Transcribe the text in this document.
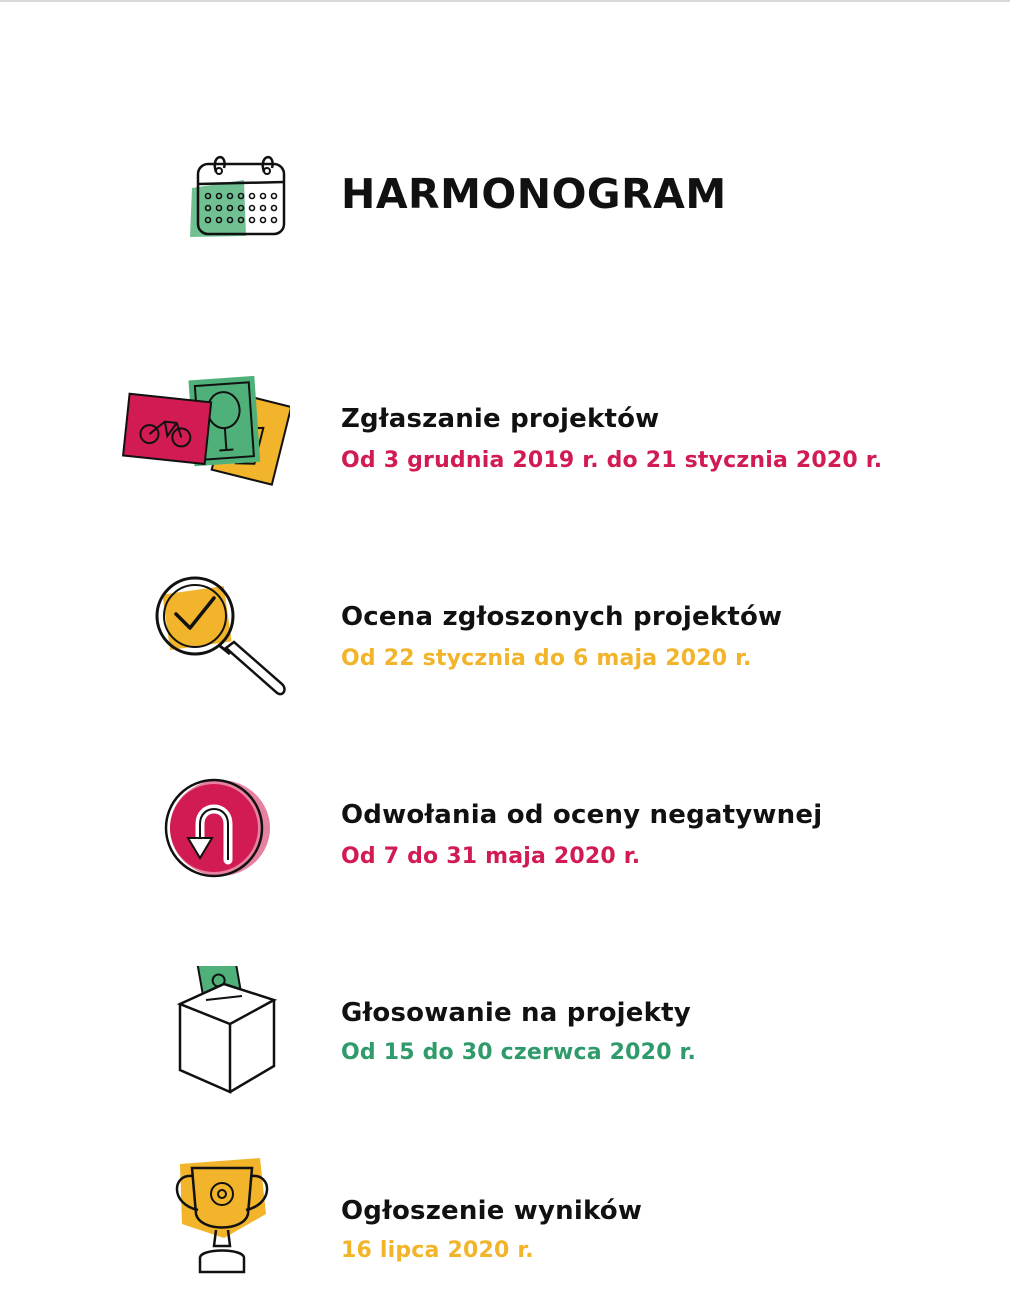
HARMONOGRAM
Zgłaszanie projektów
Od 3 grudnia 2019 r. do 21 stycznia 2020 r.
Ocena zgłoszonych projektów
Od 22 stycznia do 6 maja 2020 r.
Odwołania od oceny negatywnej
Od 7 do 31 maja 2020 r.
Głosowanie na projekty
Od 15 do 30 czerwca 2020 r.
Ogłoszenie wyników
16 lipca 2020 r.
